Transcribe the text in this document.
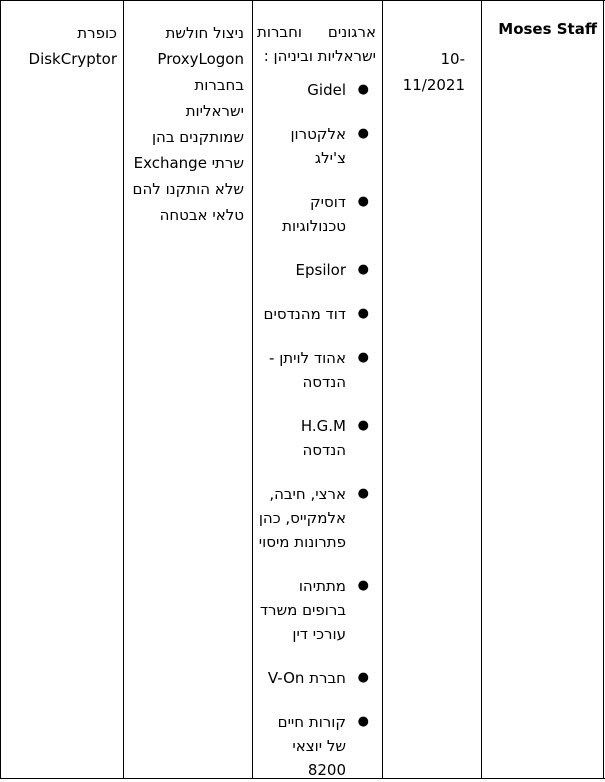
Moses Staff

10-
11/2021

ארגונים וחברות ישראליות וביניהן :
●
Gidel
●
אלקטרון צ'ילג
●
דוסיק טכנולוגיות
●
Epsilor
●
דוד מהנדסים
●
אהוד לויתן - הנדסה
●
H.G.M הנדסה
●
ארצי, חיבה, אלמקייס, כהן פתרונות מיסוי
●
מתתיהו ברופים משרד עורכי דין
●
חברת V-On
●
קורות חיים של יוצאי 8200
ניצול חולשת ProxyLogon בחברות ישראליות שמותקנים בהן שרתי Exchange שלא הותקנו להם טלאי אבטחה
כופרת DiskCryptor
